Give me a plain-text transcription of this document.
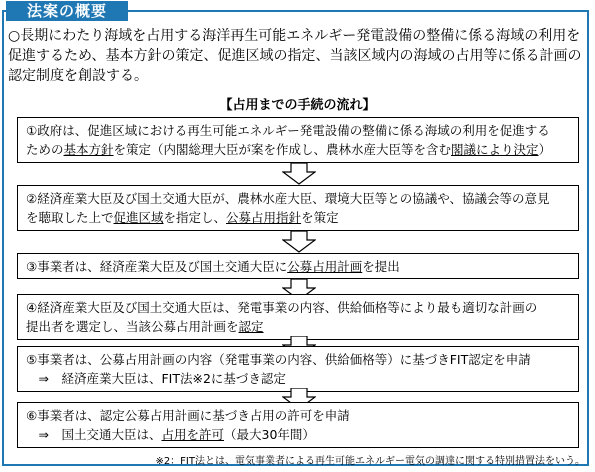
法案の概要
○長期にわたり海域を占用する海洋再生可能エネルギー発電設備の整備に係る海域の利用を促進するため、基本方針の策定、促進区域の指定、当該区域内の海域の占用等に係る計画の認定制度を創設する。
【占用までの手続の流れ】
①政府は、促進区域における再生可能エネルギー発電設備の整備に係る海域の利用を促進する
ための基本方針を策定（内閣総理大臣が案を作成し、農林水産大臣等を含む閣議により決定）
②経済産業大臣及び国土交通大臣が、農林水産大臣、環境大臣等との協議や、協議会等の意見
を聴取した上で促進区域を指定し、公募占用指針を策定
③事業者は、経済産業大臣及び国土交通大臣に公募占用計画を提出
④経済産業大臣及び国土交通大臣は、発電事業の内容、供給価格等により最も適切な計画の
提出者を選定し、当該公募占用計画を認定
⑤事業者は、公募占用計画の内容（発電事業の内容、供給価格等）に基づきFIT認定を申請
　⇒　経済産業大臣は、FIT法※2に基づき認定
⑥事業者は、認定公募占用計画に基づき占用の許可を申請
　⇒　国土交通大臣は、占用を許可（最大30年間）
※2：FIT法とは、電気事業者による再生可能エネルギー電気の調達に関する特別措置法をいう。
